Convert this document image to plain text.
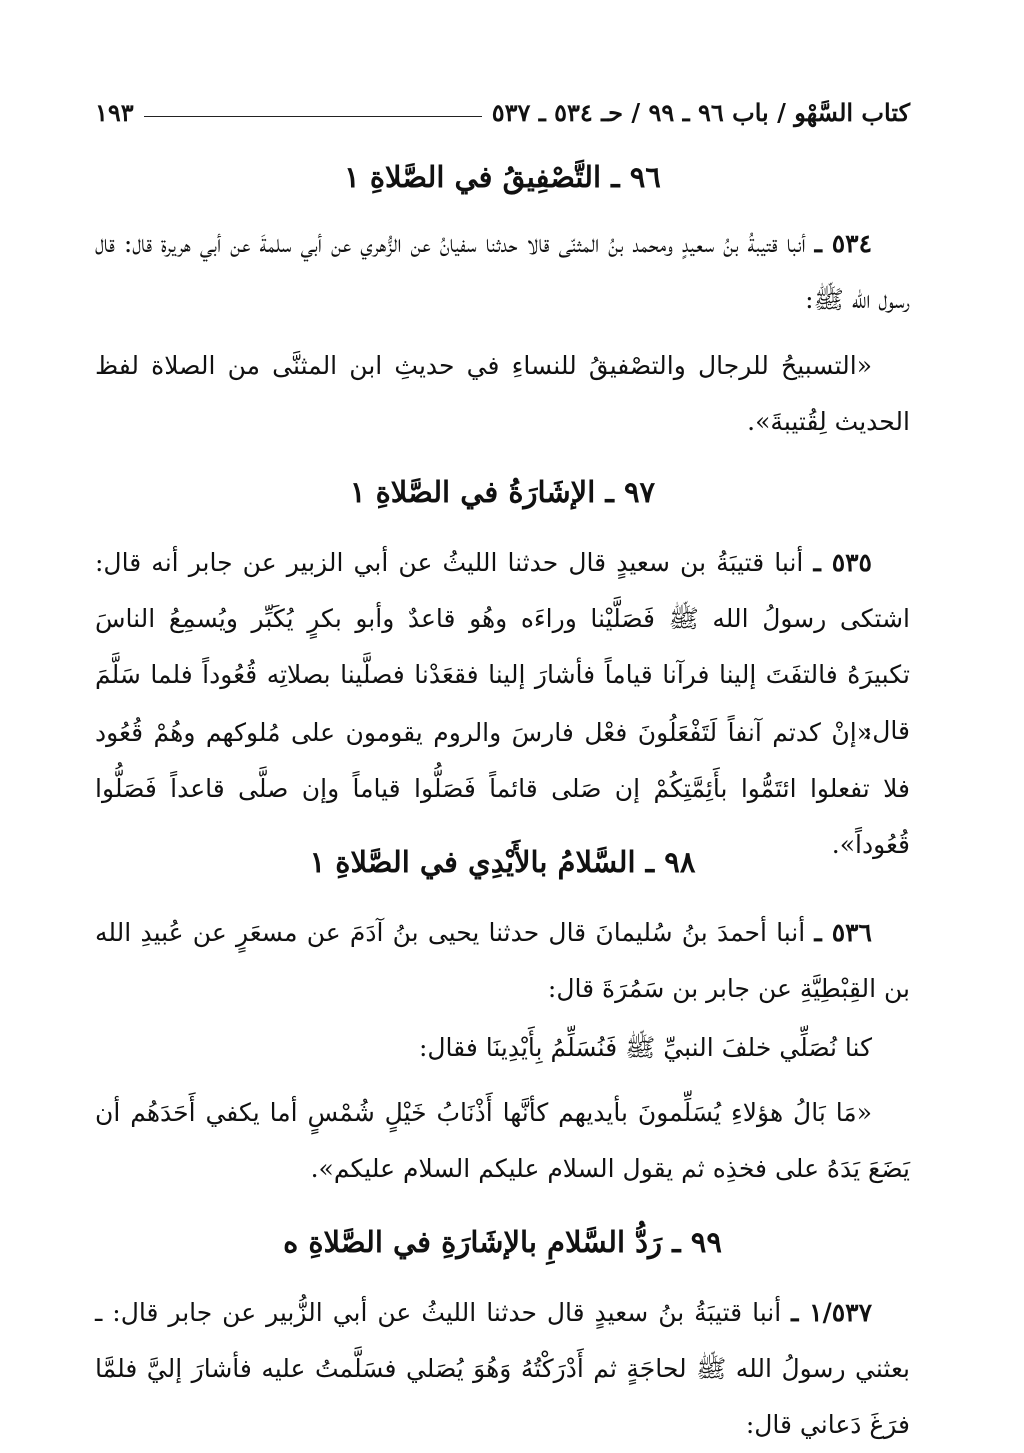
كتاب السَّهْو / باب ٩٦ ـ ٩٩ / حـ ٥٣٤ ـ ٥٣٧
١٩٣
٩٦ ـ التَّصْفِيقُ في الصَّلاةِ ١
٥٣٤ ـ أنبا قتيبةُ بنُ سعيدٍ ومحمد بنُ المثنّى قالا حدثنا سفيانُ عن الزُّهري عن أبي سلمةَ عن أبي هريرة قال: قال رسول الله ﷺ:
«التسبيحُ للرجال والتصْفيقُ للنساءِ في حديثِ ابن المثنَّى من الصلاة لفظ الحديث لِقُتيبةَ».
٩٧ ـ الإشَارَةُ في الصَّلاةِ ١
٥٣٥ ـ أنبا قتيبَةُ بن سعيدٍ قال حدثنا الليثُ عن أبي الزبير عن جابر أنه قال: اشتكى رسولُ الله ﷺ فَصَلَّيْنا وراءَه وهُو قاعدٌ وأبو بكرٍ يُكَبِّر ويُسمِعُ الناسَ تكبيرَهُ فالتفَتَ إلينا فرآنا قياماً فأشارَ إلينا فقعَدْنا فصلَّينا بصلاتِه قُعُوداً فلما سَلَّمَ قال:
«إنْ كدتم آنفاً لَتَفْعَلُونَ فعْل فارسَ والروم يقومون على مُلوكهم وهُمْ قُعُود فلا تفعلوا ائتَمُّوا بأَئِمَّتِكُمْ إن صَلى قائماً فَصَلُّوا قياماً وإن صلَّى قاعداً فَصَلُّوا قُعُوداً».
٩٨ ـ السَّلامُ بالأَيْدِي في الصَّلاةِ ١
٥٣٦ ـ أنبا أحمدَ بنُ سُليمانَ قال حدثنا يحيى بنُ آدَمَ عن مسعَرٍ عن عُبيدِ الله بن القِبْطِيَّةِ عن جابر بن سَمُرَةَ قال:
كنا نُصَلِّي خلفَ النبيِّ ﷺ فَنُسَلِّمُ بِأَيْدِينَا فقال:
«مَا بَالُ هؤلاءِ يُسَلِّمونَ بأيديهم كأنَّها أَذْنَابُ خَيْلٍ شُمْسٍ أما يكفي أَحَدَهُم أن يَضَعَ يَدَهُ على فخذِه ثم يقول السلام عليكم السلام عليكم».
٩٩ ـ رَدُّ السَّلامِ بالإشَارَةِ في الصَّلاةِ ه
١/٥٣٧ ـ أنبا قتيبَةُ بنُ سعيدٍ قال حدثنا الليثُ عن أبي الزُّبير عن جابر قال: ـ بعثني رسولُ الله ﷺ لحاجَةٍ ثم أَدْرَكْتُهُ وَهُوَ يُصَلي فسَلَّمتُ عليه فأشارَ إليَّ فلمَّا فرَغَ دَعاني قال:
